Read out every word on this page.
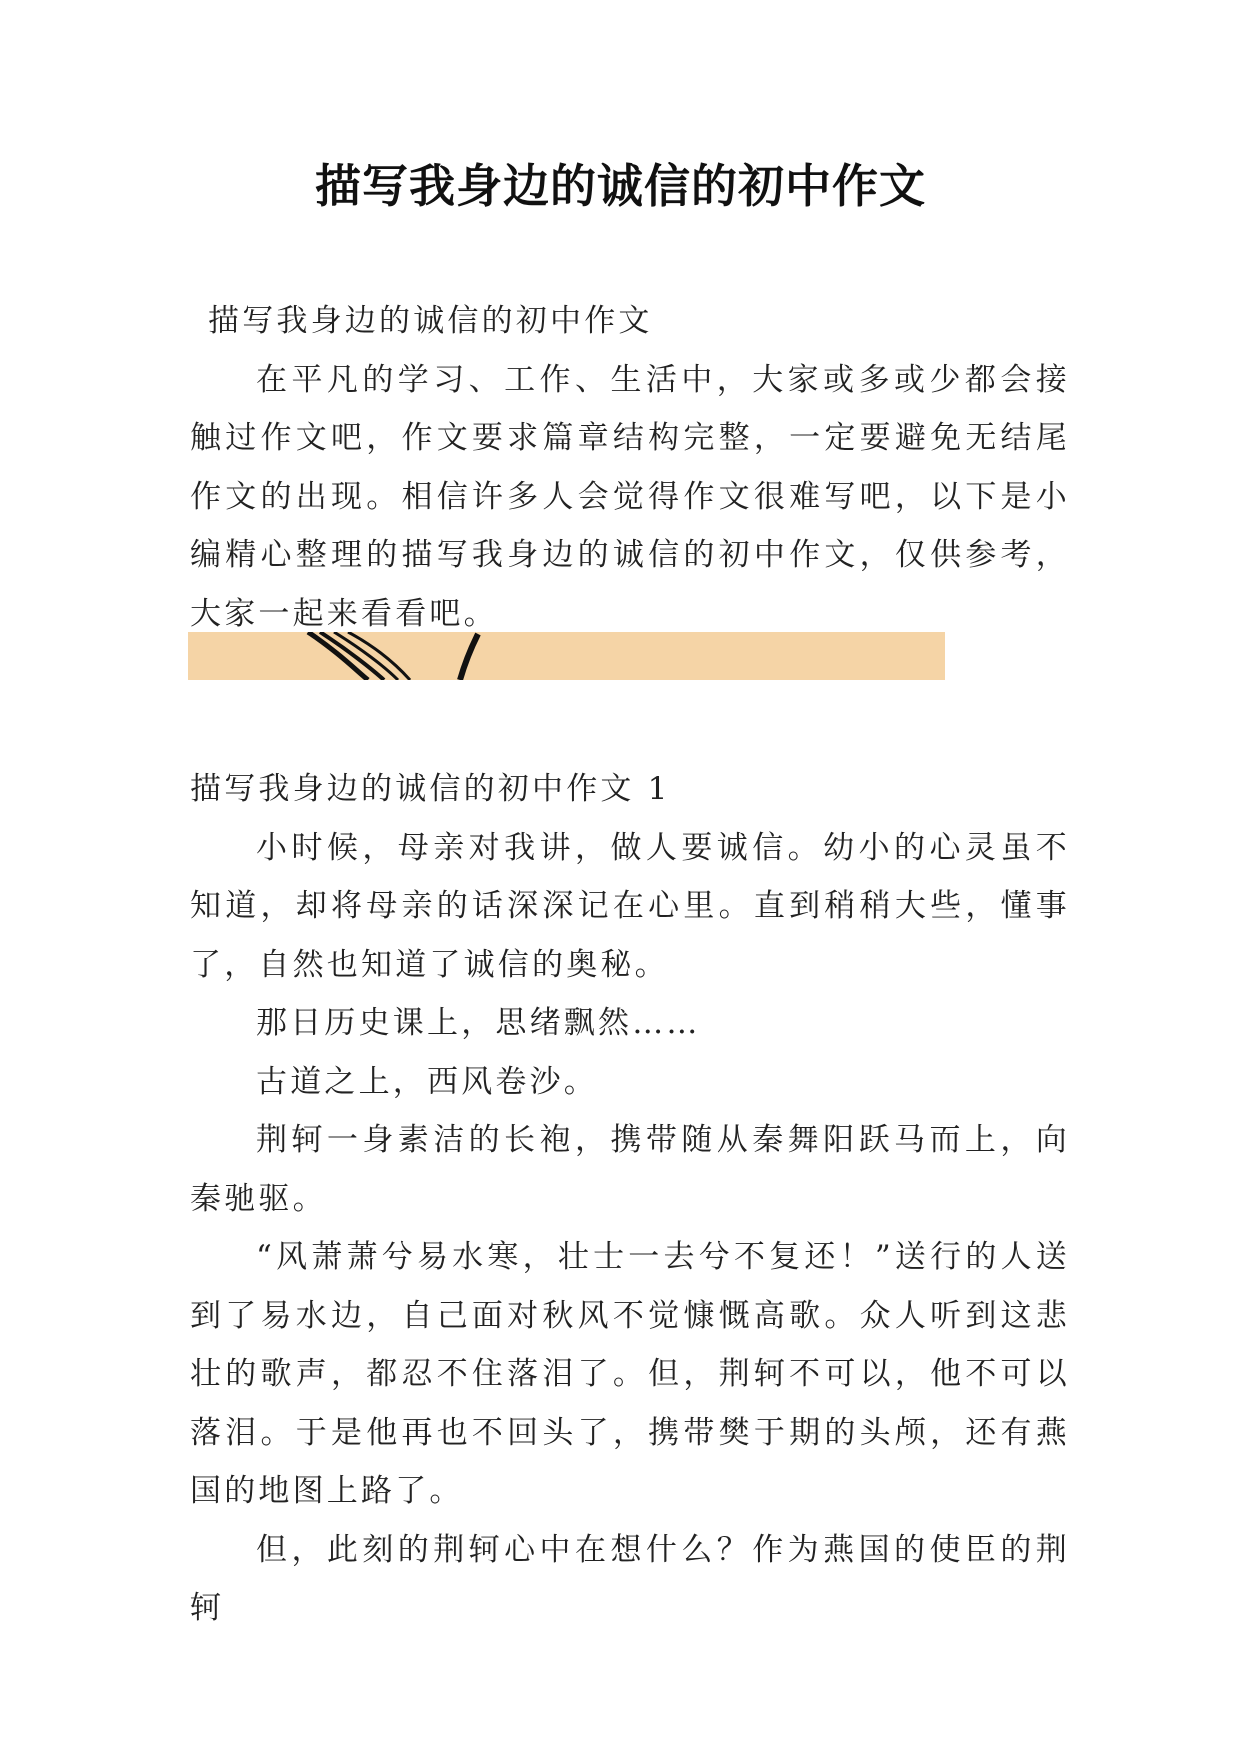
描写我身边的诚信的初中作文
描写我身边的诚信的初中作文

在平凡的学习、工作、生活中，大家或多或少都会接触过作文吧，作文要求篇章结构完整，一定要避免无结尾作文的出现。相信许多人会觉得作文很难写吧，以下是小编精心整理的描写我身边的诚信的初中作文，仅供参考，大家一起来看看吧。

描写我身边的诚信的初中作文 1

小时候，母亲对我讲，做人要诚信。幼小的心灵虽不知道，却将母亲的话深深记在心里。直到稍稍大些，懂事了，自然也知道了诚信的奥秘。

那日历史课上，思绪飘然……

古道之上，西风卷沙。

荆轲一身素洁的长袍，携带随从秦舞阳跃马而上，向秦驰驱。

“风萧萧兮易水寒，壮士一去兮不复还！”送行的人送到了易水边，自己面对秋风不觉慷慨高歌。众人听到这悲壮的歌声，都忍不住落泪了。但，荆轲不可以，他不可以落泪。于是他再也不回头了，携带樊于期的头颅，还有燕国的地图上路了。

但，此刻的荆轲心中在想什么？作为燕国的使臣的荆轲
